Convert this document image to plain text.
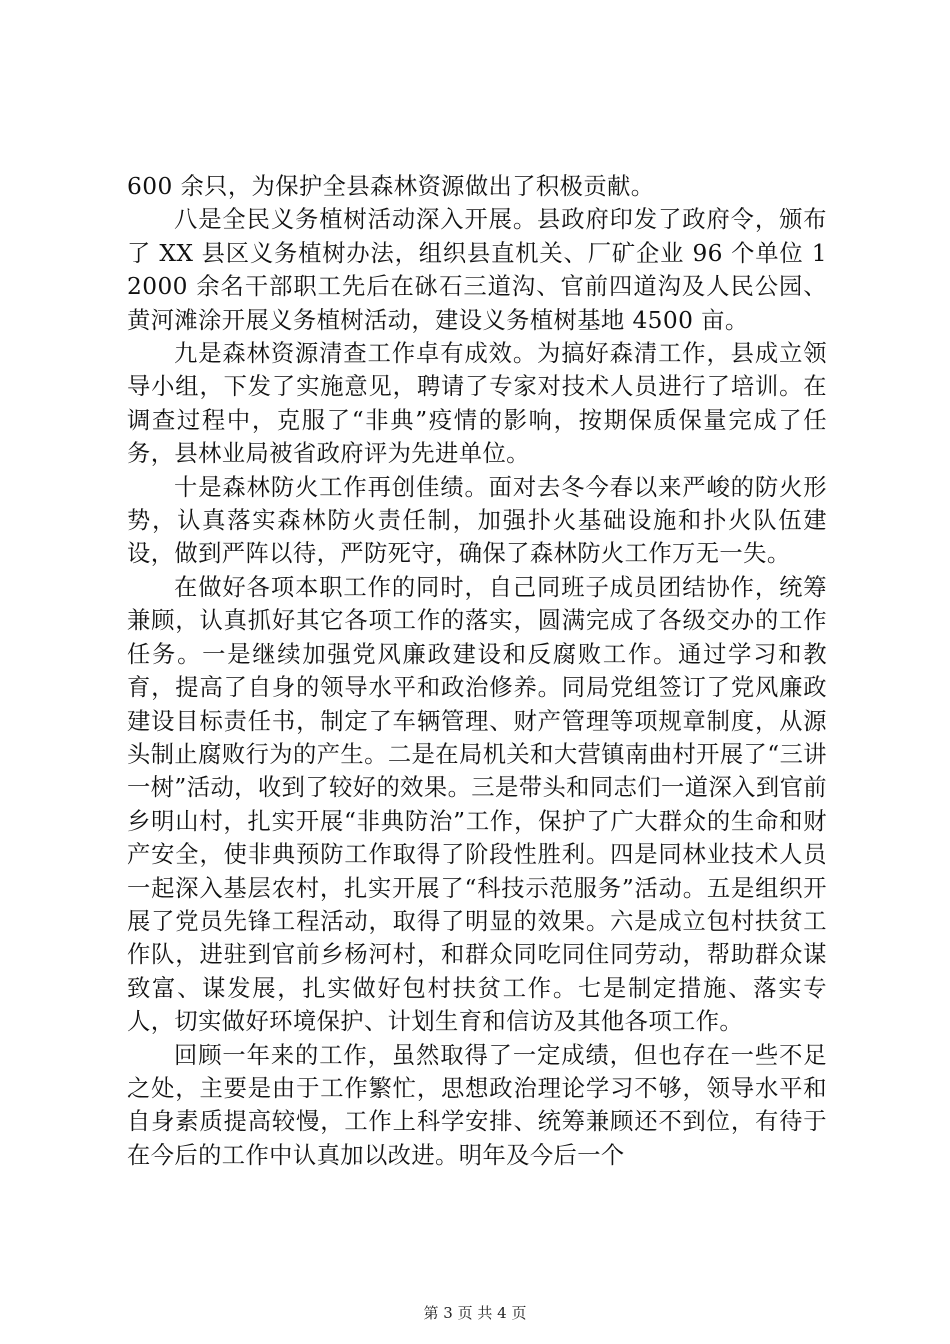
600 余只，为保护全县森林资源做出了积极贡献。

八是全民义务植树活动深入开展。县政府印发了政府令，颁布了 XX 县区义务植树办法，组织县直机关、厂矿企业 96 个单位 12000 余名干部职工先后在砯石三道沟、官前四道沟及人民公园、黄河滩涂开展义务植树活动，建设义务植树基地 4500 亩。

九是森林资源清查工作卓有成效。为搞好森清工作，县成立领导小组，下发了实施意见，聘请了专家对技术人员进行了培训。在调查过程中，克服了“非典”疫情的影响，按期保质保量完成了任务，县林业局被省政府评为先进单位。

十是森林防火工作再创佳绩。面对去冬今春以来严峻的防火形势，认真落实森林防火责任制，加强扑火基础设施和扑火队伍建设，做到严阵以待，严防死守，确保了森林防火工作万无一失。

在做好各项本职工作的同时，自己同班子成员团结协作，统筹兼顾，认真抓好其它各项工作的落实，圆满完成了各级交办的工作任务。一是继续加强党风廉政建设和反腐败工作。通过学习和教育，提高了自身的领导水平和政治修养。同局党组签订了党风廉政建设目标责任书，制定了车辆管理、财产管理等项规章制度，从源头制止腐败行为的产生。二是在局机关和大营镇南曲村开展了“三讲一树”活动，收到了较好的效果。三是带头和同志们一道深入到官前乡明山村，扎实开展“非典防治”工作，保护了广大群众的生命和财产安全，使非典预防工作取得了阶段性胜利。四是同林业技术人员一起深入基层农村，扎实开展了“科技示范服务”活动。五是组织开展了党员先锋工程活动，取得了明显的效果。六是成立包村扶贫工作队，进驻到官前乡杨河村，和群众同吃同住同劳动，帮助群众谋致富、谋发展，扎实做好包村扶贫工作。七是制定措施、落实专人，切实做好环境保护、计划生育和信访及其他各项工作。

回顾一年来的工作，虽然取得了一定成绩，但也存在一些不足之处，主要是由于工作繁忙，思想政治理论学习不够，领导水平和自身素质提高较慢，工作上科学安排、统筹兼顾还不到位，有待于在今后的工作中认真加以改进。明年及今后一个

第 3 页 共 4 页
